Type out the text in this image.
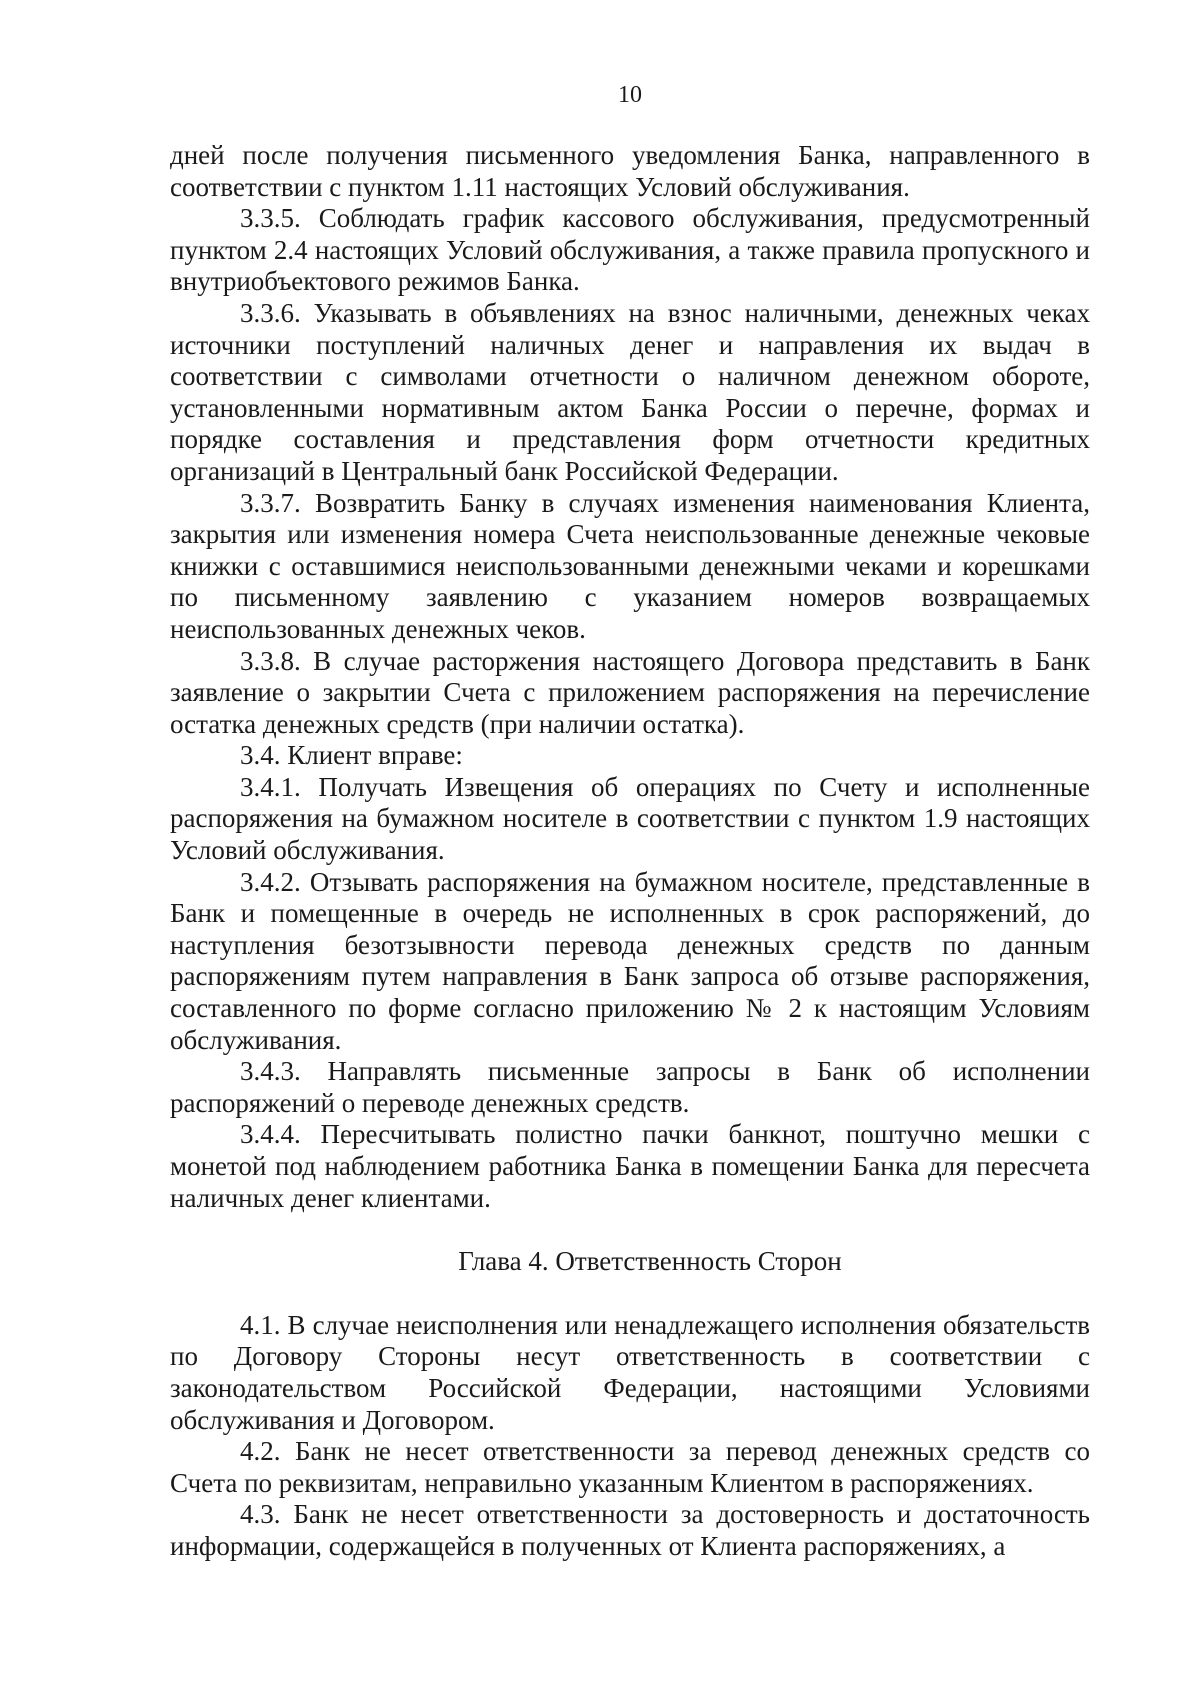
10

дней после получения письменного уведомления Банка, направленного в соответствии с пунктом 1.11 настоящих Условий обслуживания.

3.3.5. Соблюдать график кассового обслуживания, предусмотренный пунктом 2.4 настоящих Условий обслуживания, а также правила пропускного и внутриобъектового режимов Банка.

3.3.6. Указывать в объявлениях на взнос наличными, денежных чеках источники поступлений наличных денег и направления их выдач в соответствии с символами отчетности о наличном денежном обороте, установленными нормативным актом Банка России о перечне, формах и порядке составления и представления форм отчетности кредитных организаций в Центральный банк Российской Федерации.

3.3.7. Возвратить Банку в случаях изменения наименования Клиента, закрытия или изменения номера Счета неиспользованные денежные чековые книжки с оставшимися неиспользованными денежными чеками и корешками по письменному заявлению с указанием номеров возвращаемых неиспользованных денежных чеков.

3.3.8. В случае расторжения настоящего Договора представить в Банк заявление о закрытии Счета с приложением распоряжения на перечисление остатка денежных средств (при наличии остатка).

3.4. Клиент вправе:

3.4.1. Получать Извещения об операциях по Счету и исполненные распоряжения на бумажном носителе в соответствии с пунктом 1.9 настоящих Условий обслуживания.

3.4.2. Отзывать распоряжения на бумажном носителе, представленные в Банк и помещенные в очередь не исполненных в срок распоряжений, до наступления безотзывности перевода денежных средств по данным распоряжениям путем направления в Банк запроса об отзыве распоряжения, составленного по форме согласно приложению № 2 к настоящим Условиям обслуживания.

3.4.3. Направлять письменные запросы в Банк об исполнении распоряжений о переводе денежных средств.

3.4.4. Пересчитывать полистно пачки банкнот, поштучно мешки с монетой под наблюдением работника Банка в помещении Банка для пересчета наличных денег клиентами.

Глава 4. Ответственность Сторон

4.1. В случае неисполнения или ненадлежащего исполнения обязательств по Договору Стороны несут ответственность в соответствии с законодательством Российской Федерации, настоящими Условиями обслуживания и Договором.

4.2. Банк не несет ответственности за перевод денежных средств со Счета по реквизитам, неправильно указанным Клиентом в распоряжениях.

4.3. Банк не несет ответственности за достоверность и достаточность информации, содержащейся в полученных от Клиента распоряжениях, а
